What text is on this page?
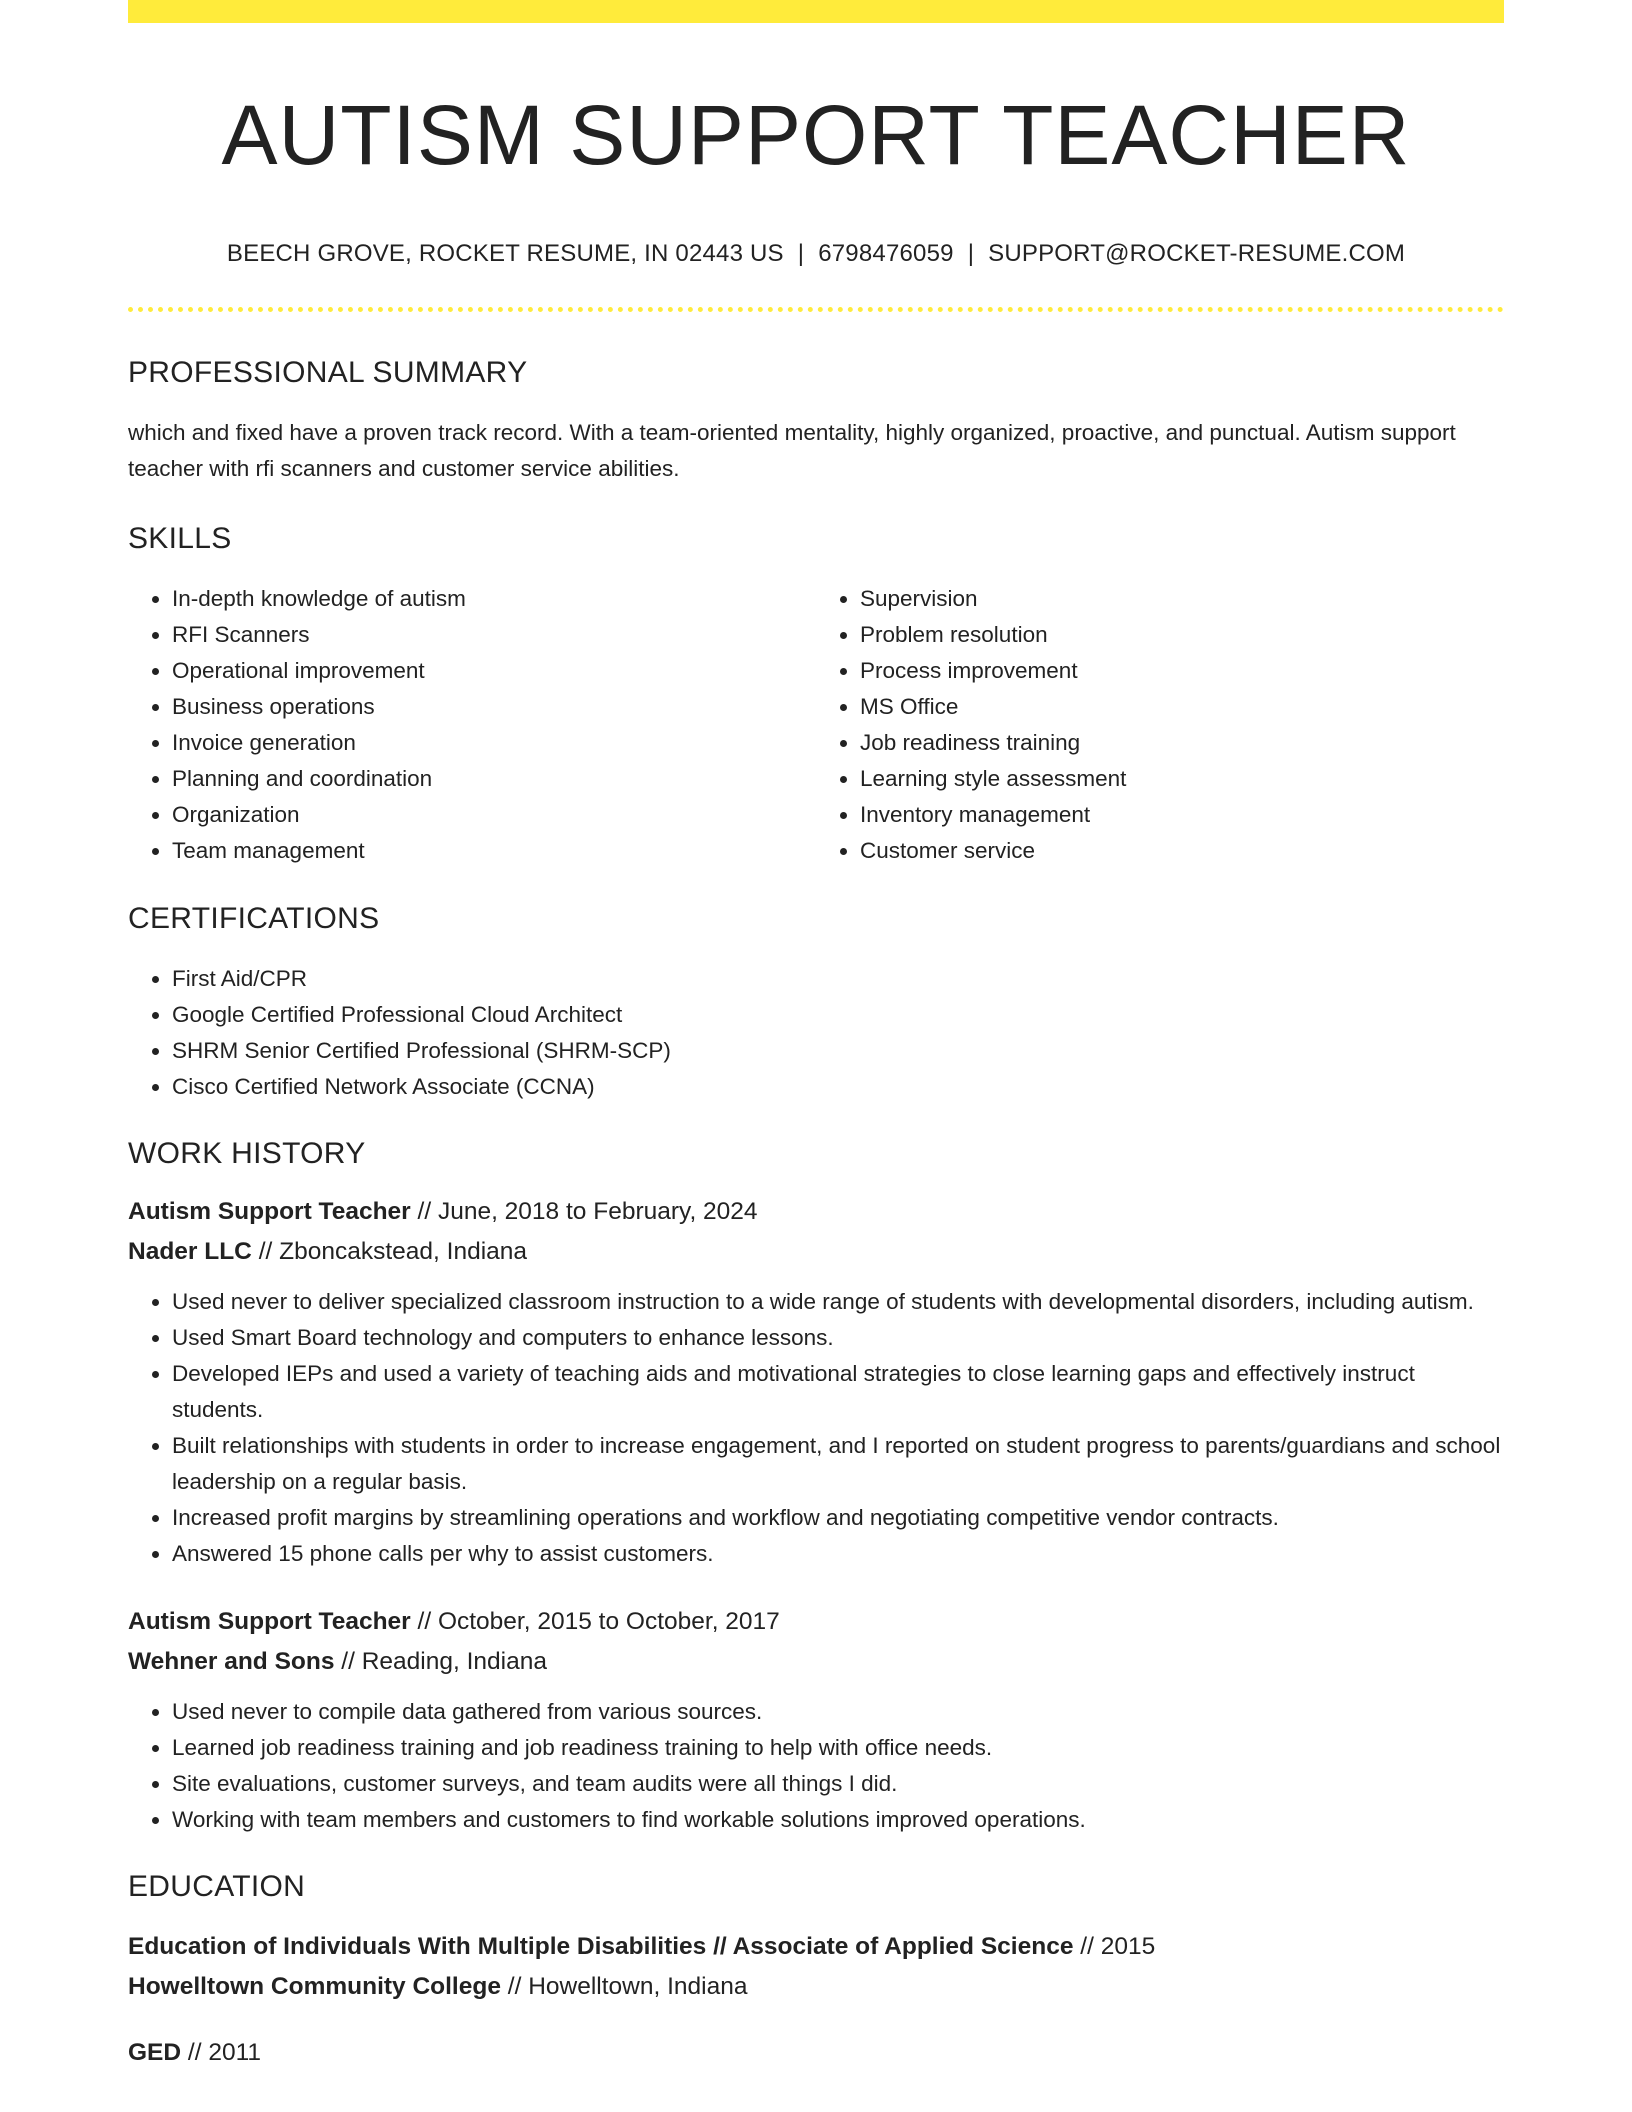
AUTISM SUPPORT TEACHER
BEECH GROVE, ROCKET RESUME, IN 02443 US | 6798476059 | SUPPORT@ROCKET-RESUME.COM
PROFESSIONAL SUMMARY

which and fixed have a proven track record. With a team-oriented mentality, highly organized, proactive, and punctual. Autism support teacher with rfi scanners and customer service abilities.

SKILLS
• In-depth knowledge of autism
• RFI Scanners
• Operational improvement
• Business operations
• Invoice generation
• Planning and coordination
• Organization
• Team management
• Supervision
• Problem resolution
• Process improvement
• MS Office
• Job readiness training
• Learning style assessment
• Inventory management
• Customer service
CERTIFICATIONS
• First Aid/CPR
• Google Certified Professional Cloud Architect
• SHRM Senior Certified Professional (SHRM-SCP)
• Cisco Certified Network Associate (CCNA)
WORK HISTORY

Autism Support Teacher // June, 2018 to February, 2024

Nader LLC // Zboncakstead, Indiana

• Used never to deliver specialized classroom instruction to a wide range of students with developmental disorders, including autism.
• Used Smart Board technology and computers to enhance lessons.
• Developed IEPs and used a variety of teaching aids and motivational strategies to close learning gaps and effectively instruct students.
• Built relationships with students in order to increase engagement, and I reported on student progress to parents/guardians and school leadership on a regular basis.
• Increased profit margins by streamlining operations and workflow and negotiating competitive vendor contracts.
• Answered 15 phone calls per why to assist customers.

Autism Support Teacher // October, 2015 to October, 2017

Wehner and Sons // Reading, Indiana

• Used never to compile data gathered from various sources.
• Learned job readiness training and job readiness training to help with office needs.
• Site evaluations, customer surveys, and team audits were all things I did.
• Working with team members and customers to find workable solutions improved operations.
EDUCATION

Education of Individuals With Multiple Disabilities // Associate of Applied Science // 2015

Howelltown Community College // Howelltown, Indiana

GED // 2011
